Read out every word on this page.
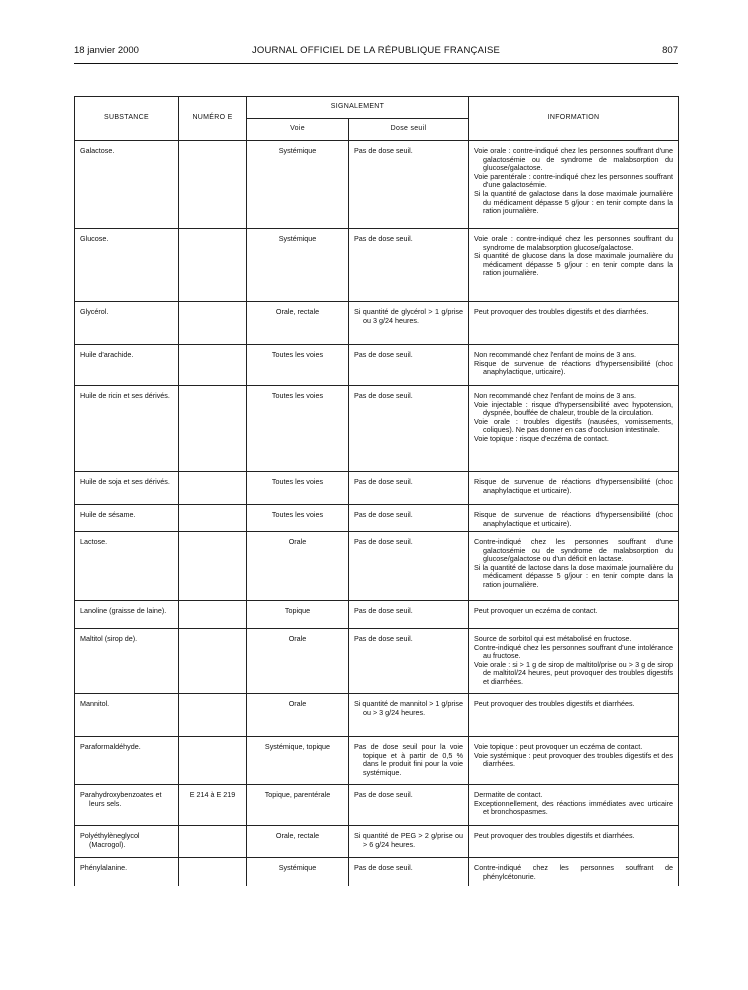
18 janvier 2000	JOURNAL OFFICIEL DE LA RÉPUBLIQUE FRANÇAISE	807
SUBSTANCE	NUMÉRO E	SIGNALEMENT		INFORMATION
		Voie	Dose seuil	

Galactose.		Systémique	Pas de dose seuil.	Voie orale : contre-indiqué chez les personnes souffrant d'une galactosémie ou de syndrome de malabsorption du glucose/galactose.
Voie parentérale : contre-indiqué chez les personnes souffrant d'une galactosémie.
Si la quantité de galactose dans la dose maximale journalière du médicament dépasse 5 g/jour : en tenir compte dans la ration journalière.

Glucose.		Systémique	Pas de dose seuil.	Voie orale : contre-indiqué chez les personnes souffrant du syndrome de malabsorption glucose/galactose.
Si quantité de glucose dans la dose maximale journalière du médicament dépasse 5 g/jour : en tenir compte dans la ration journalière.

Glycérol.		Orale, rectale	Si quantité de glycérol > 1 g/prise ou 3 g/24 heures.	Peut provoquer des troubles digestifs et des diarrhées.

Huile d'arachide.		Toutes les voies	Pas de dose seuil.	Non recommandé chez l'enfant de moins de 3 ans.
Risque de survenue de réactions d'hypersensibilité (choc anaphylactique, urticaire).

Huile de ricin et ses dérivés.		Toutes les voies	Pas de dose seuil.	Non recommandé chez l'enfant de moins de 3 ans.
Voie injectable : risque d'hypersensibilité avec hypotension, dyspnée, bouffée de chaleur, trouble de la circulation.
Voie orale : troubles digestifs (nausées, vomissements, coliques). Ne pas donner en cas d'occlusion intestinale.
Voie topique : risque d'eczéma de contact.

Huile de soja et ses dérivés.		Toutes les voies	Pas de dose seuil.	Risque de survenue de réactions d'hypersensibilité (choc anaphylactique et urticaire).

Huile de sésame.		Toutes les voies	Pas de dose seuil.	Risque de survenue de réactions d'hypersensibilité (choc anaphylactique et urticaire).

Lactose.		Orale	Pas de dose seuil.	Contre-indiqué chez les personnes souffrant d'une galactosémie ou de syndrome de malabsorption du glucose/galactose ou d'un déficit en lactase.
Si la quantité de lactose dans la dose maximale journalière du médicament dépasse 5 g/jour : en tenir compte dans la ration journalière.

Lanoline (graisse de laine).		Topique	Pas de dose seuil.	Peut provoquer un eczéma de contact.

Maltitol (sirop de).		Orale	Pas de dose seuil.	Source de sorbitol qui est métabolisé en fructose.
Contre-indiqué chez les personnes souffrant d'une intolérance au fructose.
Voie orale : si > 1 g de sirop de maltitol/prise ou > 3 g de sirop de maltitol/24 heures, peut provoquer des troubles digestifs et diarrhées.

Mannitol.		Orale	Si quantité de mannitol > 1 g/prise ou > 3 g/24 heures.	Peut provoquer des troubles digestifs et diarrhées.

Paraformaldéhyde.		Systémique, topique	Pas de dose seuil pour la voie topique et à partir de 0,5 % dans le produit fini pour la voie systémique.	Voie topique : peut provoquer un eczéma de contact.
Voie systémique : peut provoquer des troubles digestifs et des diarrhées.

Parahydroxybenzoates et leurs sels.	E 214 à E 219	Topique, parentérale	Pas de dose seuil.	Dermatite de contact.
Exceptionnellement, des réactions immédiates avec urticaire et bronchospasmes.

Polyéthylèneglycol (Macrogol).		Orale, rectale	Si quantité de PEG > 2 g/prise ou > 6 g/24 heures.	Peut provoquer des troubles digestifs et diarrhées.

Phénylalanine.		Systémique	Pas de dose seuil.	Contre-indiqué chez les personnes souffrant de phénylcétonurie.
